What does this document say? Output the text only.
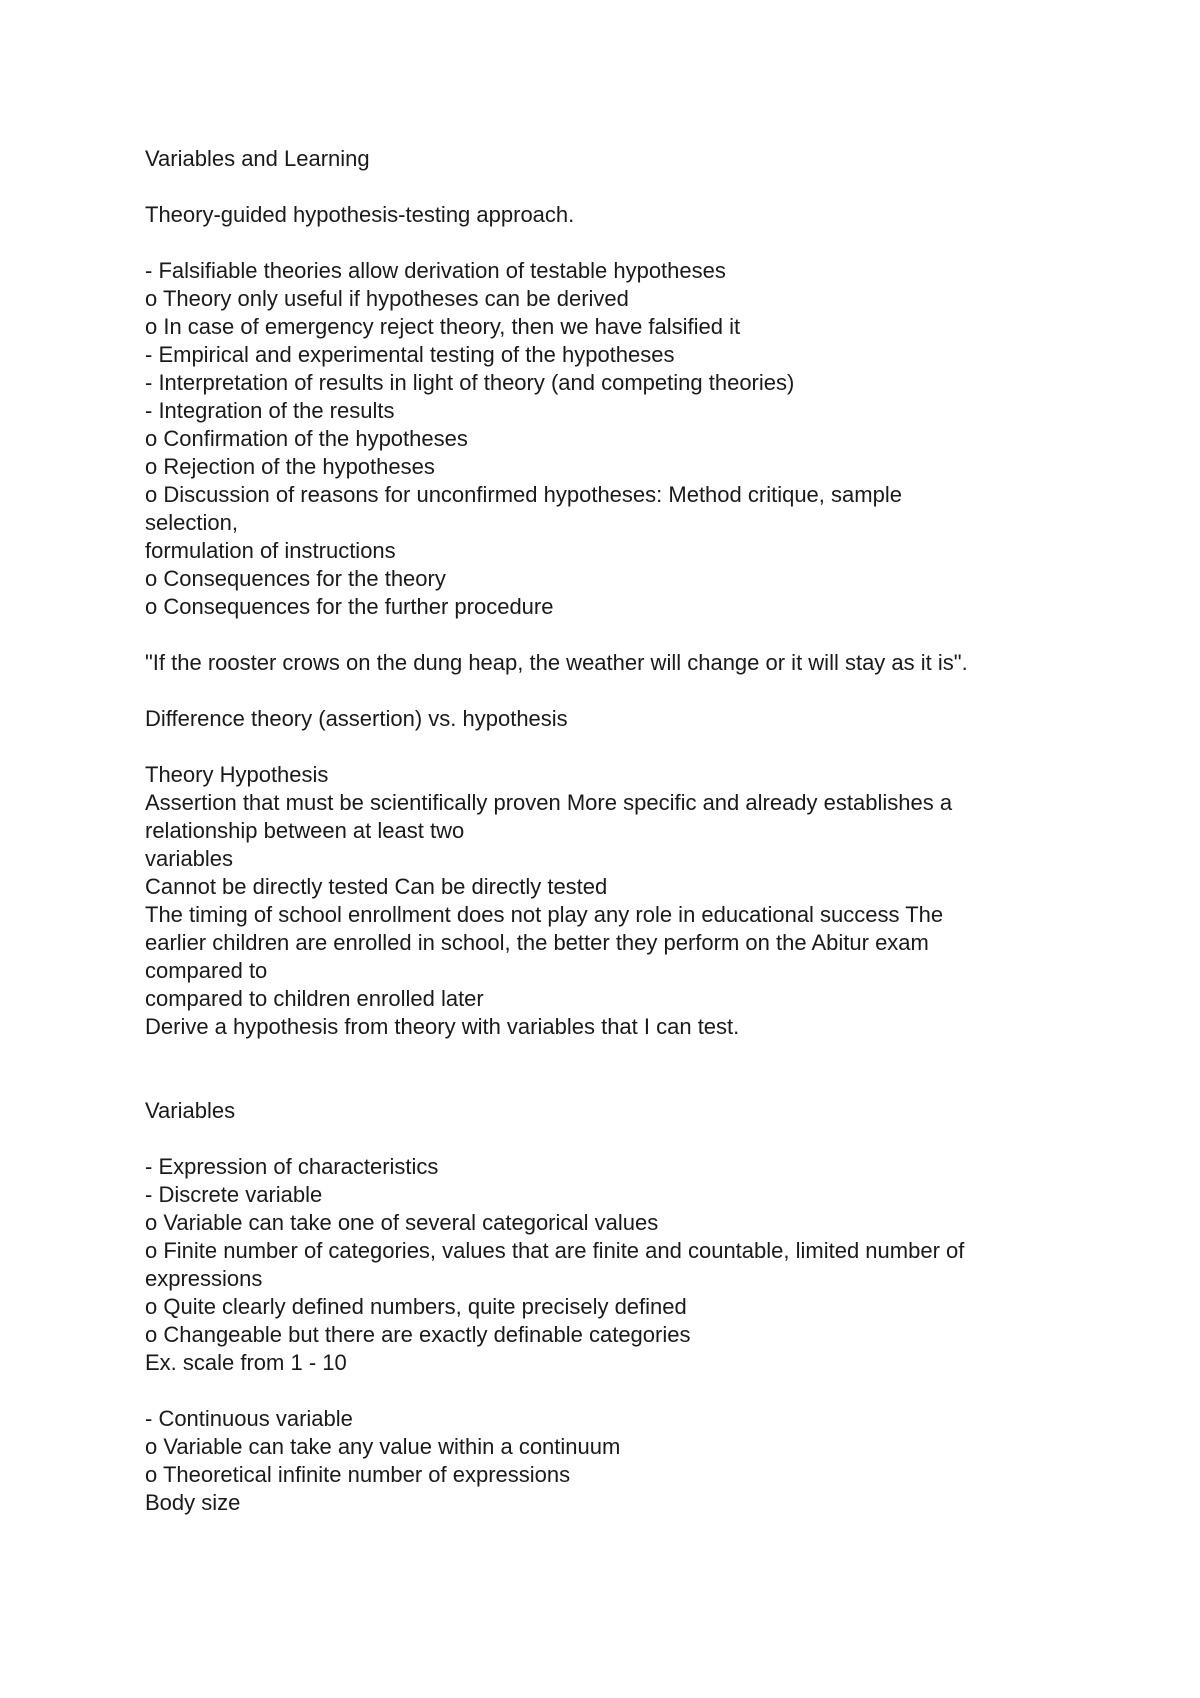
Variables and Learning
Theory-guided hypothesis-testing approach.
- Falsifiable theories allow derivation of testable hypotheses
o Theory only useful if hypotheses can be derived
o In case of emergency reject theory, then we have falsified it
- Empirical and experimental testing of the hypotheses
- Interpretation of results in light of theory (and competing theories)
- Integration of the results
o Confirmation of the hypotheses
o Rejection of the hypotheses
o Discussion of reasons for unconfirmed hypotheses: Method critique, sample
selection,
formulation of instructions
o Consequences for the theory
o Consequences for the further procedure
"If the rooster crows on the dung heap, the weather will change or it will stay as it is".
Difference theory (assertion) vs. hypothesis
Theory Hypothesis
Assertion that must be scientifically proven More specific and already establishes a
relationship between at least two
variables
Cannot be directly tested Can be directly tested
The timing of school enrollment does not play any role in educational success The
earlier children are enrolled in school, the better they perform on the Abitur exam
compared to
compared to children enrolled later
Derive a hypothesis from theory with variables that I can test.
Variables
- Expression of characteristics
- Discrete variable
o Variable can take one of several categorical values
o Finite number of categories, values that are finite and countable, limited number of
expressions
o Quite clearly defined numbers, quite precisely defined
o Changeable but there are exactly definable categories
Ex. scale from 1 - 10
- Continuous variable
o Variable can take any value within a continuum
o Theoretical infinite number of expressions
Body size
